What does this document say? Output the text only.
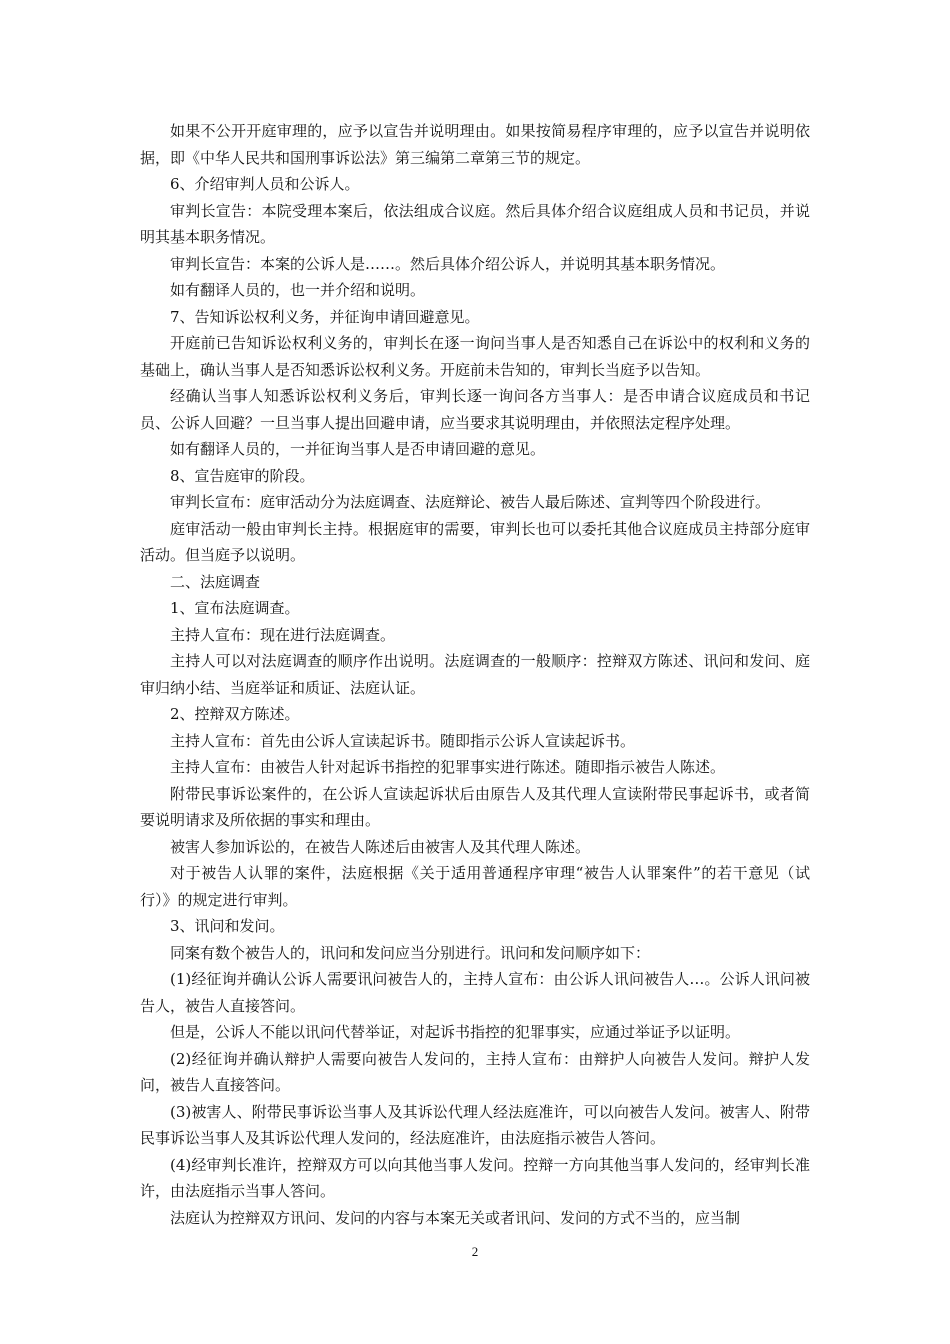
如果不公开开庭审理的，应予以宣告并说明理由。如果按简易程序审理的，应予以宣告并说明依据，即《中华人民共和国刑事诉讼法》第三编第二章第三节的规定。

6、介绍审判人员和公诉人。

审判长宣告：本院受理本案后，依法组成合议庭。然后具体介绍合议庭组成人员和书记员，并说明其基本职务情况。

审判长宣告：本案的公诉人是……。然后具体介绍公诉人，并说明其基本职务情况。

如有翻译人员的，也一并介绍和说明。

7、告知诉讼权利义务，并征询申请回避意见。

开庭前已告知诉讼权利义务的，审判长在逐一询问当事人是否知悉自己在诉讼中的权利和义务的基础上，确认当事人是否知悉诉讼权利义务。开庭前未告知的，审判长当庭予以告知。

经确认当事人知悉诉讼权利义务后，审判长逐一询问各方当事人：是否申请合议庭成员和书记员、公诉人回避？一旦当事人提出回避申请，应当要求其说明理由，并依照法定程序处理。

如有翻译人员的，一并征询当事人是否申请回避的意见。

8、宣告庭审的阶段。

审判长宣布：庭审活动分为法庭调查、法庭辩论、被告人最后陈述、宣判等四个阶段进行。

庭审活动一般由审判长主持。根据庭审的需要，审判长也可以委托其他合议庭成员主持部分庭审活动。但当庭予以说明。

二、法庭调查

1、宣布法庭调查。

主持人宣布：现在进行法庭调查。

主持人可以对法庭调查的顺序作出说明。法庭调查的一般顺序：控辩双方陈述、讯问和发问、庭审归纳小结、当庭举证和质证、法庭认证。

2、控辩双方陈述。

主持人宣布：首先由公诉人宣读起诉书。随即指示公诉人宣读起诉书。

主持人宣布：由被告人针对起诉书指控的犯罪事实进行陈述。随即指示被告人陈述。

附带民事诉讼案件的，在公诉人宣读起诉状后由原告人及其代理人宣读附带民事起诉书，或者简要说明请求及所依据的事实和理由。

被害人参加诉讼的，在被告人陈述后由被害人及其代理人陈述。

对于被告人认罪的案件，法庭根据《关于适用普通程序审理“被告人认罪案件”的若干意见（试行）》的规定进行审判。

3、讯问和发问。

同案有数个被告人的，讯问和发问应当分别进行。讯问和发问顺序如下：

(1)经征询并确认公诉人需要讯问被告人的，主持人宣布：由公诉人讯问被告人…。公诉人讯问被告人，被告人直接答问。

但是，公诉人不能以讯问代替举证，对起诉书指控的犯罪事实，应通过举证予以证明。

(2)经征询并确认辩护人需要向被告人发问的，主持人宣布：由辩护人向被告人发问。辩护人发问，被告人直接答问。

(3)被害人、附带民事诉讼当事人及其诉讼代理人经法庭准许，可以向被告人发问。被害人、附带民事诉讼当事人及其诉讼代理人发问的，经法庭准许，由法庭指示被告人答问。

(4)经审判长准许，控辩双方可以向其他当事人发问。控辩一方向其他当事人发问的，经审判长准许，由法庭指示当事人答问。

法庭认为控辩双方讯问、发问的内容与本案无关或者讯问、发问的方式不当的，应当制

2
